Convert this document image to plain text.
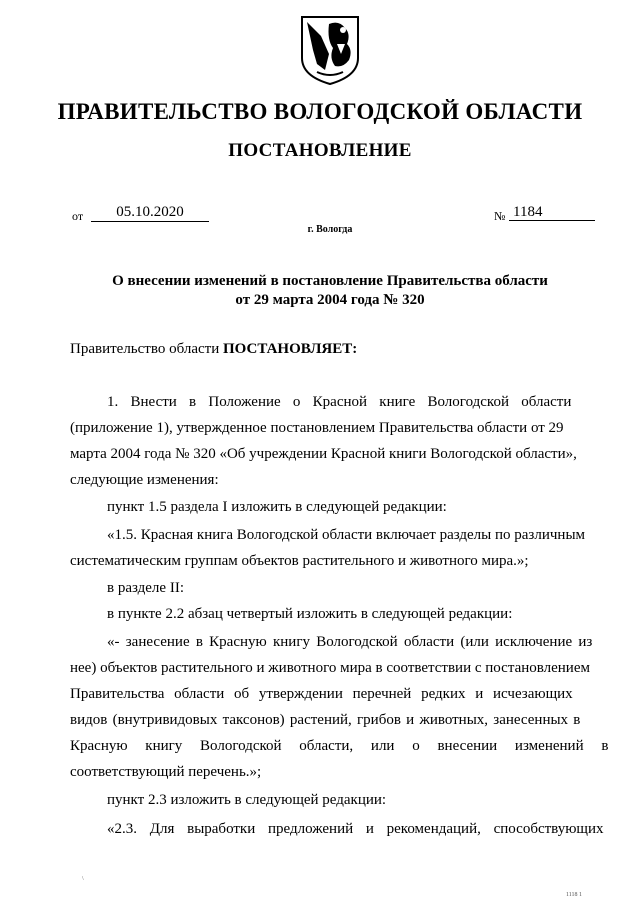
ПРАВИТЕЛЬСТВО ВОЛОГОДСКОЙ ОБЛАСТИ
ПОСТАНОВЛЕНИЕ
от	05.10.2020	№ 1184
г. Вологда
О внесении изменений в постановление Правительства области
от 29 марта 2004 года № 320
Правительство области ПОСТАНОВЛЯЕТ:
1. Внести в Положение о Красной книге Вологодской области
(приложение 1), утвержденное постановлением Правительства области от 29
марта 2004 года № 320 «Об учреждении Красной книги Вологодской области»,
следующие изменения:
пункт 1.5 раздела I изложить в следующей редакции:
«1.5. Красная книга Вологодской области включает разделы по различным
систематическим группам объектов растительного и животного мира.»;
в разделе II:
в пункте 2.2 абзац четвертый изложить в следующей редакции:
«- занесение в Красную книгу Вологодской области (или исключение из
нее) объектов растительного и животного мира в соответствии с постановлением
Правительства области об утверждении перечней редких и исчезающих
видов (внутривидовых таксонов) растений, грибов и животных, занесенных в
Красную книгу Вологодской области, или о внесении изменений в
соответствующий перечень.»;
пункт 2.3 изложить в следующей редакции:
«2.3. Для выработки предложений и рекомендаций, способствующих
\
1118 1
